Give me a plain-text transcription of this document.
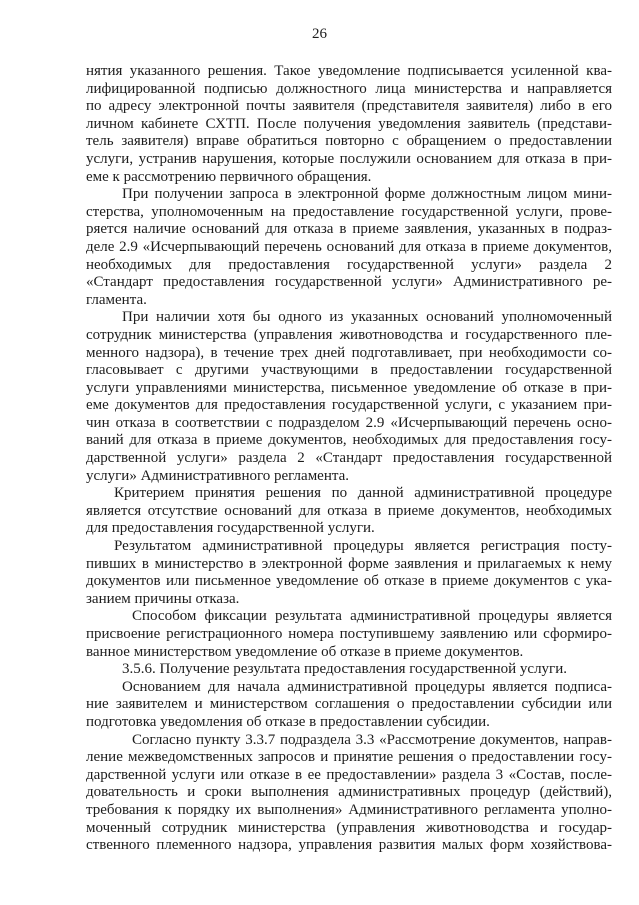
26
нятия указанного решения. Такое уведомление подписывается усиленной ква-
лифицированной подписью должностного лица министерства и направляется
по адресу электронной почты заявителя (представителя заявителя) либо в его
личном кабинете СХТП. После получения уведомления заявитель (представи-
тель заявителя) вправе обратиться повторно с обращением о предоставлении
услуги, устранив нарушения, которые послужили основанием для отказа в при-
еме к рассмотрению первичного обращения.
При получении запроса в электронной форме должностным лицом мини-
стерства, уполномоченным на предоставление государственной услуги, прове-
ряется наличие оснований для отказа в приеме заявления, указанных в подраз-
деле 2.9 «Исчерпывающий перечень оснований для отказа в приеме документов,
необходимых для предоставления государственной услуги» раздела 2
«Стандарт предоставления государственной услуги» Административного ре-
гламента.
При наличии хотя бы одного из указанных оснований уполномоченный
сотрудник министерства (управления животноводства и государственного пле-
менного надзора), в течение трех дней подготавливает, при необходимости со-
гласовывает с другими участвующими в предоставлении государственной
услуги управлениями министерства, письменное уведомление об отказе в при-
еме документов для предоставления государственной услуги, с указанием при-
чин отказа в соответствии с подразделом 2.9 «Исчерпывающий перечень осно-
ваний для отказа в приеме документов, необходимых для предоставления госу-
дарственной услуги» раздела 2 «Стандарт предоставления государственной
услуги» Административного регламента.
Критерием принятия решения по данной административной процедуре
является отсутствие оснований для отказа в приеме документов, необходимых
для предоставления государственной услуги.
Результатом административной процедуры является регистрация посту-
пивших в министерство в электронной форме заявления и прилагаемых к нему
документов или письменное уведомление об отказе в приеме документов с ука-
занием причины отказа.
Способом фиксации результата административной процедуры является
присвоение регистрационного номера поступившему заявлению или сформиро-
ванное министерством уведомление об отказе в приеме документов.
3.5.6. Получение результата предоставления государственной услуги.
Основанием для начала административной процедуры является подписа-
ние заявителем и министерством соглашения о предоставлении субсидии или
подготовка уведомления об отказе в предоставлении субсидии.
Согласно пункту 3.3.7 подраздела 3.3 «Рассмотрение документов, направ-
ление межведомственных запросов и принятие решения о предоставлении госу-
дарственной услуги или отказе в ее предоставлении» раздела 3 «Состав, после-
довательность и сроки выполнения административных процедур (действий),
требования к порядку их выполнения» Административного регламента уполно-
моченный сотрудник министерства (управления животноводства и государ-
ственного племенного надзора, управления развития малых форм хозяйствова-
